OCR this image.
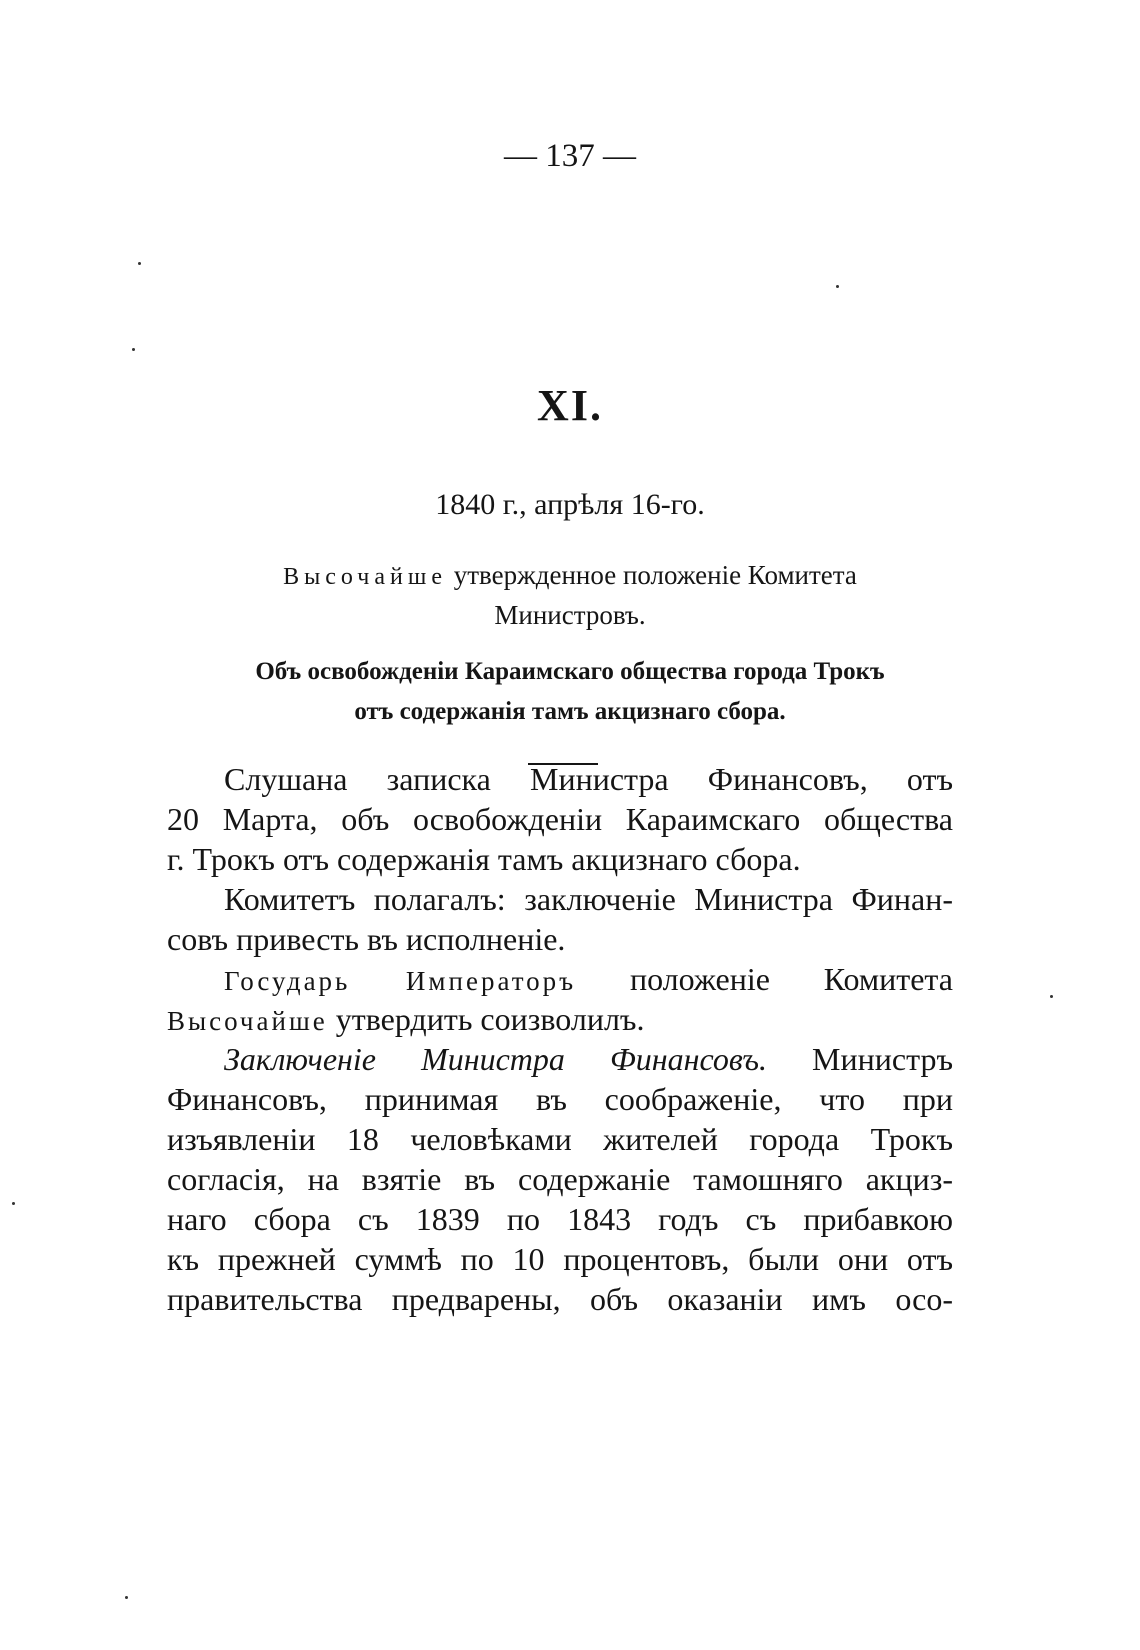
— 137 —
XI.
1840 г., апрѣля 16-го.
Высочайше утвержденное положеніе Комитета
Министровъ.
Объ освобожденіи Караимскаго общества города Трокъ
отъ содержанія тамъ акцизнаго сбора.
Слушана записка Министра Финансовъ, отъ
20 Марта, объ освобожденіи Караимскаго общества
г. Трокъ отъ содержанія тамъ акцизнаго сбора.
Комитетъ полагалъ: заключеніе Министра Финан-
совъ привесть въ исполненіе.
Государь Императоръ положеніе Комитета
Высочайше утвердить соизволилъ.
Заключеніе Министра Финансовъ. Министръ
Финансовъ, принимая въ соображеніе, что при
изъявленіи 18 человѣками жителей города Трокъ
согласія, на взятіе въ содержаніе тамошняго акциз-
наго сбора съ 1839 по 1843 годъ съ прибавкою
къ прежней суммѣ по 10 процентовъ, были они отъ
правительства предварены, объ оказаніи имъ осо-
